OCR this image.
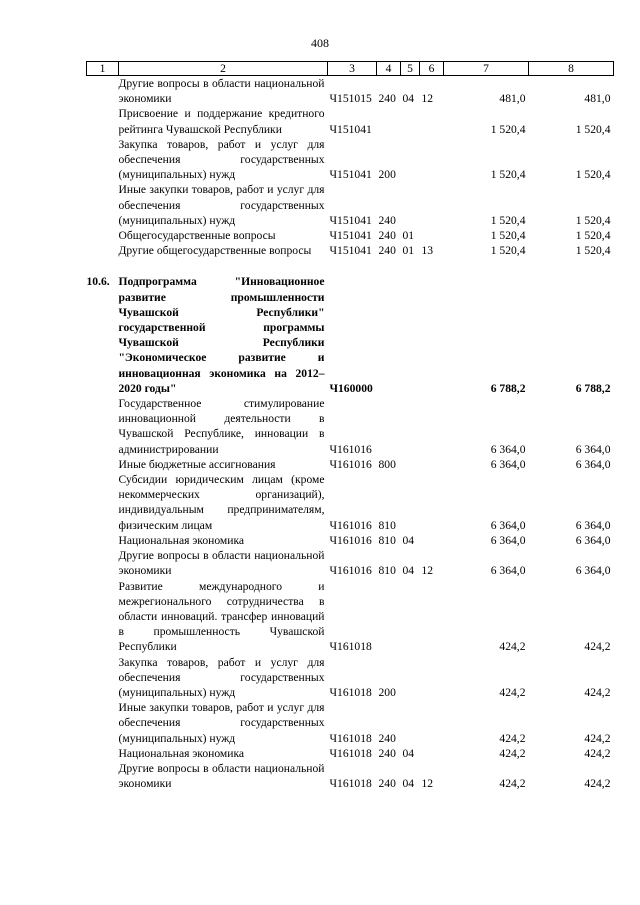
408
1	2	3	4	5	6	7	8
	Другие вопросы в области национальной экономики	Ч151015	240	04	12	481,0	481,0
	Присвоение и поддержание кредитного рейтинга Чувашской Республики	Ч151041				1 520,4	1 520,4
	Закупка товаров, работ и услуг для обеспечения государственных (муниципальных) нужд	Ч151041	200			1 520,4	1 520,4
	Иные закупки товаров, работ и услуг для обеспечения государственных (муниципальных) нужд	Ч151041	240			1 520,4	1 520,4
	Общегосударственные вопросы	Ч151041	240	01		1 520,4	1 520,4
	Другие общегосударственные вопросы	Ч151041	240	01	13	1 520,4	1 520,4

10.6.	Подпрограмма "Инновационное развитие промышленности Чувашской Республики" государственной программы Чувашской Республики "Экономическое развитие и инновационная экономика на 2012–2020 годы"	Ч160000				6 788,2	6 788,2
	Государственное стимулирование инновационной деятельности в Чувашской Республике, инновации в администрировании	Ч161016				6 364,0	6 364,0
	Иные бюджетные ассигнования	Ч161016	800			6 364,0	6 364,0
	Субсидии юридическим лицам (кроме некоммерческих организаций), индивидуальным предпринимателям, физическим лицам	Ч161016	810			6 364,0	6 364,0
	Национальная экономика	Ч161016	810	04		6 364,0	6 364,0
	Другие вопросы в области национальной экономики	Ч161016	810	04	12	6 364,0	6 364,0
	Развитие международного и межрегионального сотрудничества в области инноваций. трансфер инноваций в промышленность Чувашской Республики	Ч161018				424,2	424,2
	Закупка товаров, работ и услуг для обеспечения государственных (муниципальных) нужд	Ч161018	200			424,2	424,2
	Иные закупки товаров, работ и услуг для обеспечения государственных (муниципальных) нужд	Ч161018	240			424,2	424,2
	Национальная экономика	Ч161018	240	04		424,2	424,2
	Другие вопросы в области национальной экономики	Ч161018	240	04	12	424,2	424,2
